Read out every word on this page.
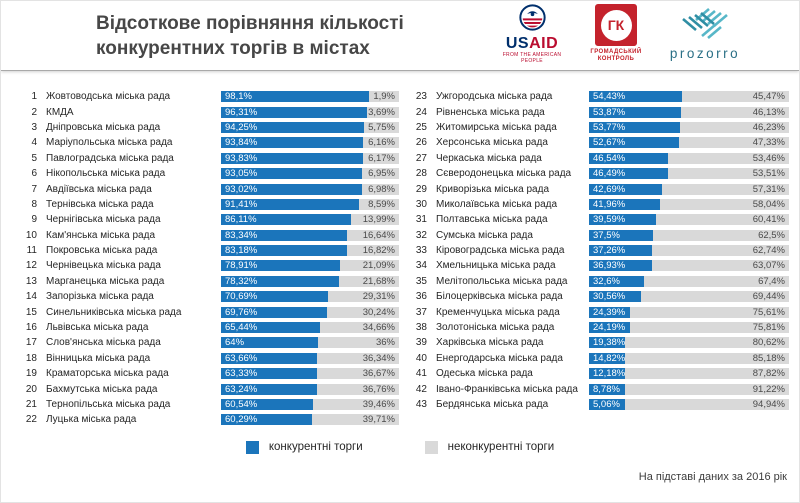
Відсоткове порівняння кількості
конкурентних торгів в містах	USAID
FROM THE AMERICAN PEOPLE
ГК
ГРОМАДСЬКИЙ
КОНТРОЛЬ	prozorro
1 Жовтоводська міська рада	98,1%	1,9%
2 КМДА	96,31%	3,69%
3 Дніпровська міська рада	94,25%	5,75%
4 Маріупольська міська рада	93,84%	6,16%
5 Павлоградська міська рада	93,83%	6,17%
6 Нікопольська міська рада	93,05%	6,95%
7 Авдіївська міська рада	93,02%	6,98%
8 Тернівська міська рада	91,41%	8,59%
9 Чернігівська міська рада	86,11%	13,99%
10 Кам'янська міська рада	83,34%	16,64%
11 Покровська міська рада	83,18%	16,82%
12 Чернівецька міська рада	78,91%	21,09%
13 Марганецька міська рада	78,32%	21,68%
14 Запорізька міська рада	70,69%	29,31%
15 Синельниківська міська рада	69,76%	30,24%
16 Львівська міська рада	65,44%	34,66%
17 Слов'янська міська рада	64%	36%
18 Вінницька міська рада	63,66%	36,34%
19 Краматорська міська рада	63,33%	36,67%
20 Бахмутська міська рада	63,24%	36,76%
21 Тернопільська міська рада	60,54%	39,46%
22 Луцька міська рада	60,29%	39,71%
23 Ужгородська міська рада	54,43%	45,47%
24 Рівненська міська рада	53,87%	46,13%
25 Житомирська міська рада	53,77%	46,23%
26 Херсонська міська рада	52,67%	47,33%
27 Черкаська міська рада	46,54%	53,46%
28 Сєверодонецька міська рада	46,49%	53,51%
29 Криворізька міська рада	42,69%	57,31%
30 Миколаївська міська рада	41,96%	58,04%
31 Полтавська міська рада	39,59%	60,41%
32 Сумська міська рада	37,5%	62,5%
33 Кіровоградська міська рада	37,26%	62,74%
34 Хмельницька міська рада	36,93%	63,07%
35 Мелітопольська міська рада	32,6%	67,4%
36 Білоцерківська міська рада	30,56%	69,44%
37 Кременчуцька міська рада	24,39%	75,61%
38 Золотоніська міська рада	24,19%	75,81%
39 Харківська міська рада	19,38%	80,62%
40 Енергодарська міська рада	14,82%	85,18%
41 Одеська міська рада	12,18%	87,82%
42 Івано-Франківська міська рада	8,78%	91,22%
43 Бердянська міська рада	5,06%	94,94%
конкурентні торги	неконкурентні торги
На підставі даних за 2016 рік
